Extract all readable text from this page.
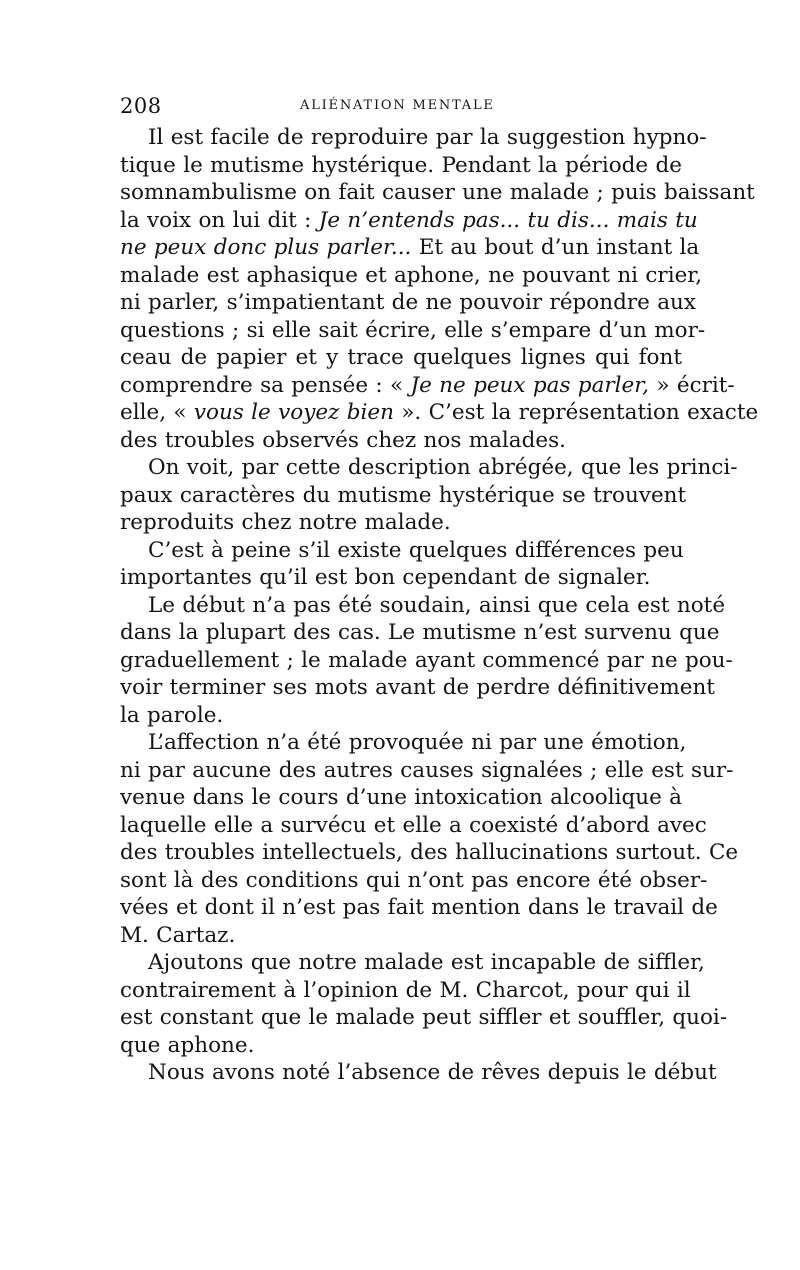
208	ALIÉNATION MENTALE
Il est facile de reproduire par la suggestion hypno-
tique le mutisme hystérique. Pendant la période de
somnambulisme on fait causer une malade ; puis baissant
la voix on lui dit : Je n’entends pas... tu dis... mais tu
ne peux donc plus parler... Et au bout d’un instant la
malade est aphasique et aphone, ne pouvant ni crier,
ni parler, s’impatientant de ne pouvoir répondre aux
questions ; si elle sait écrire, elle s’empare d’un mor-
ceau de papier et y trace quelques lignes qui font
comprendre sa pensée : « Je ne peux pas parler, » écrit-
elle, « vous le voyez bien ». C’est la représentation exacte
des troubles observés chez nos malades.
On voit, par cette description abrégée, que les princi-
paux caractères du mutisme hystérique se trouvent
reproduits chez notre malade.
C’est à peine s’il existe quelques différences peu
importantes qu’il est bon cependant de signaler.
Le début n’a pas été soudain, ainsi que cela est noté
dans la plupart des cas. Le mutisme n’est survenu que
graduellement ; le malade ayant commencé par ne pou-
voir terminer ses mots avant de perdre définitivement
la parole.
L’affection n’a été provoquée ni par une émotion,
ni par aucune des autres causes signalées ; elle est sur-
venue dans le cours d’une intoxication alcoolique à
laquelle elle a survécu et elle a coexisté d’abord avec
des troubles intellectuels, des hallucinations surtout. Ce
sont là des conditions qui n’ont pas encore été obser-
vées et dont il n’est pas fait mention dans le travail de
M. Cartaz.
Ajoutons que notre malade est incapable de siffler,
contrairement à l’opinion de M. Charcot, pour qui il
est constant que le malade peut siffler et souffler, quoi-
que aphone.
Nous avons noté l’absence de rêves depuis le début
